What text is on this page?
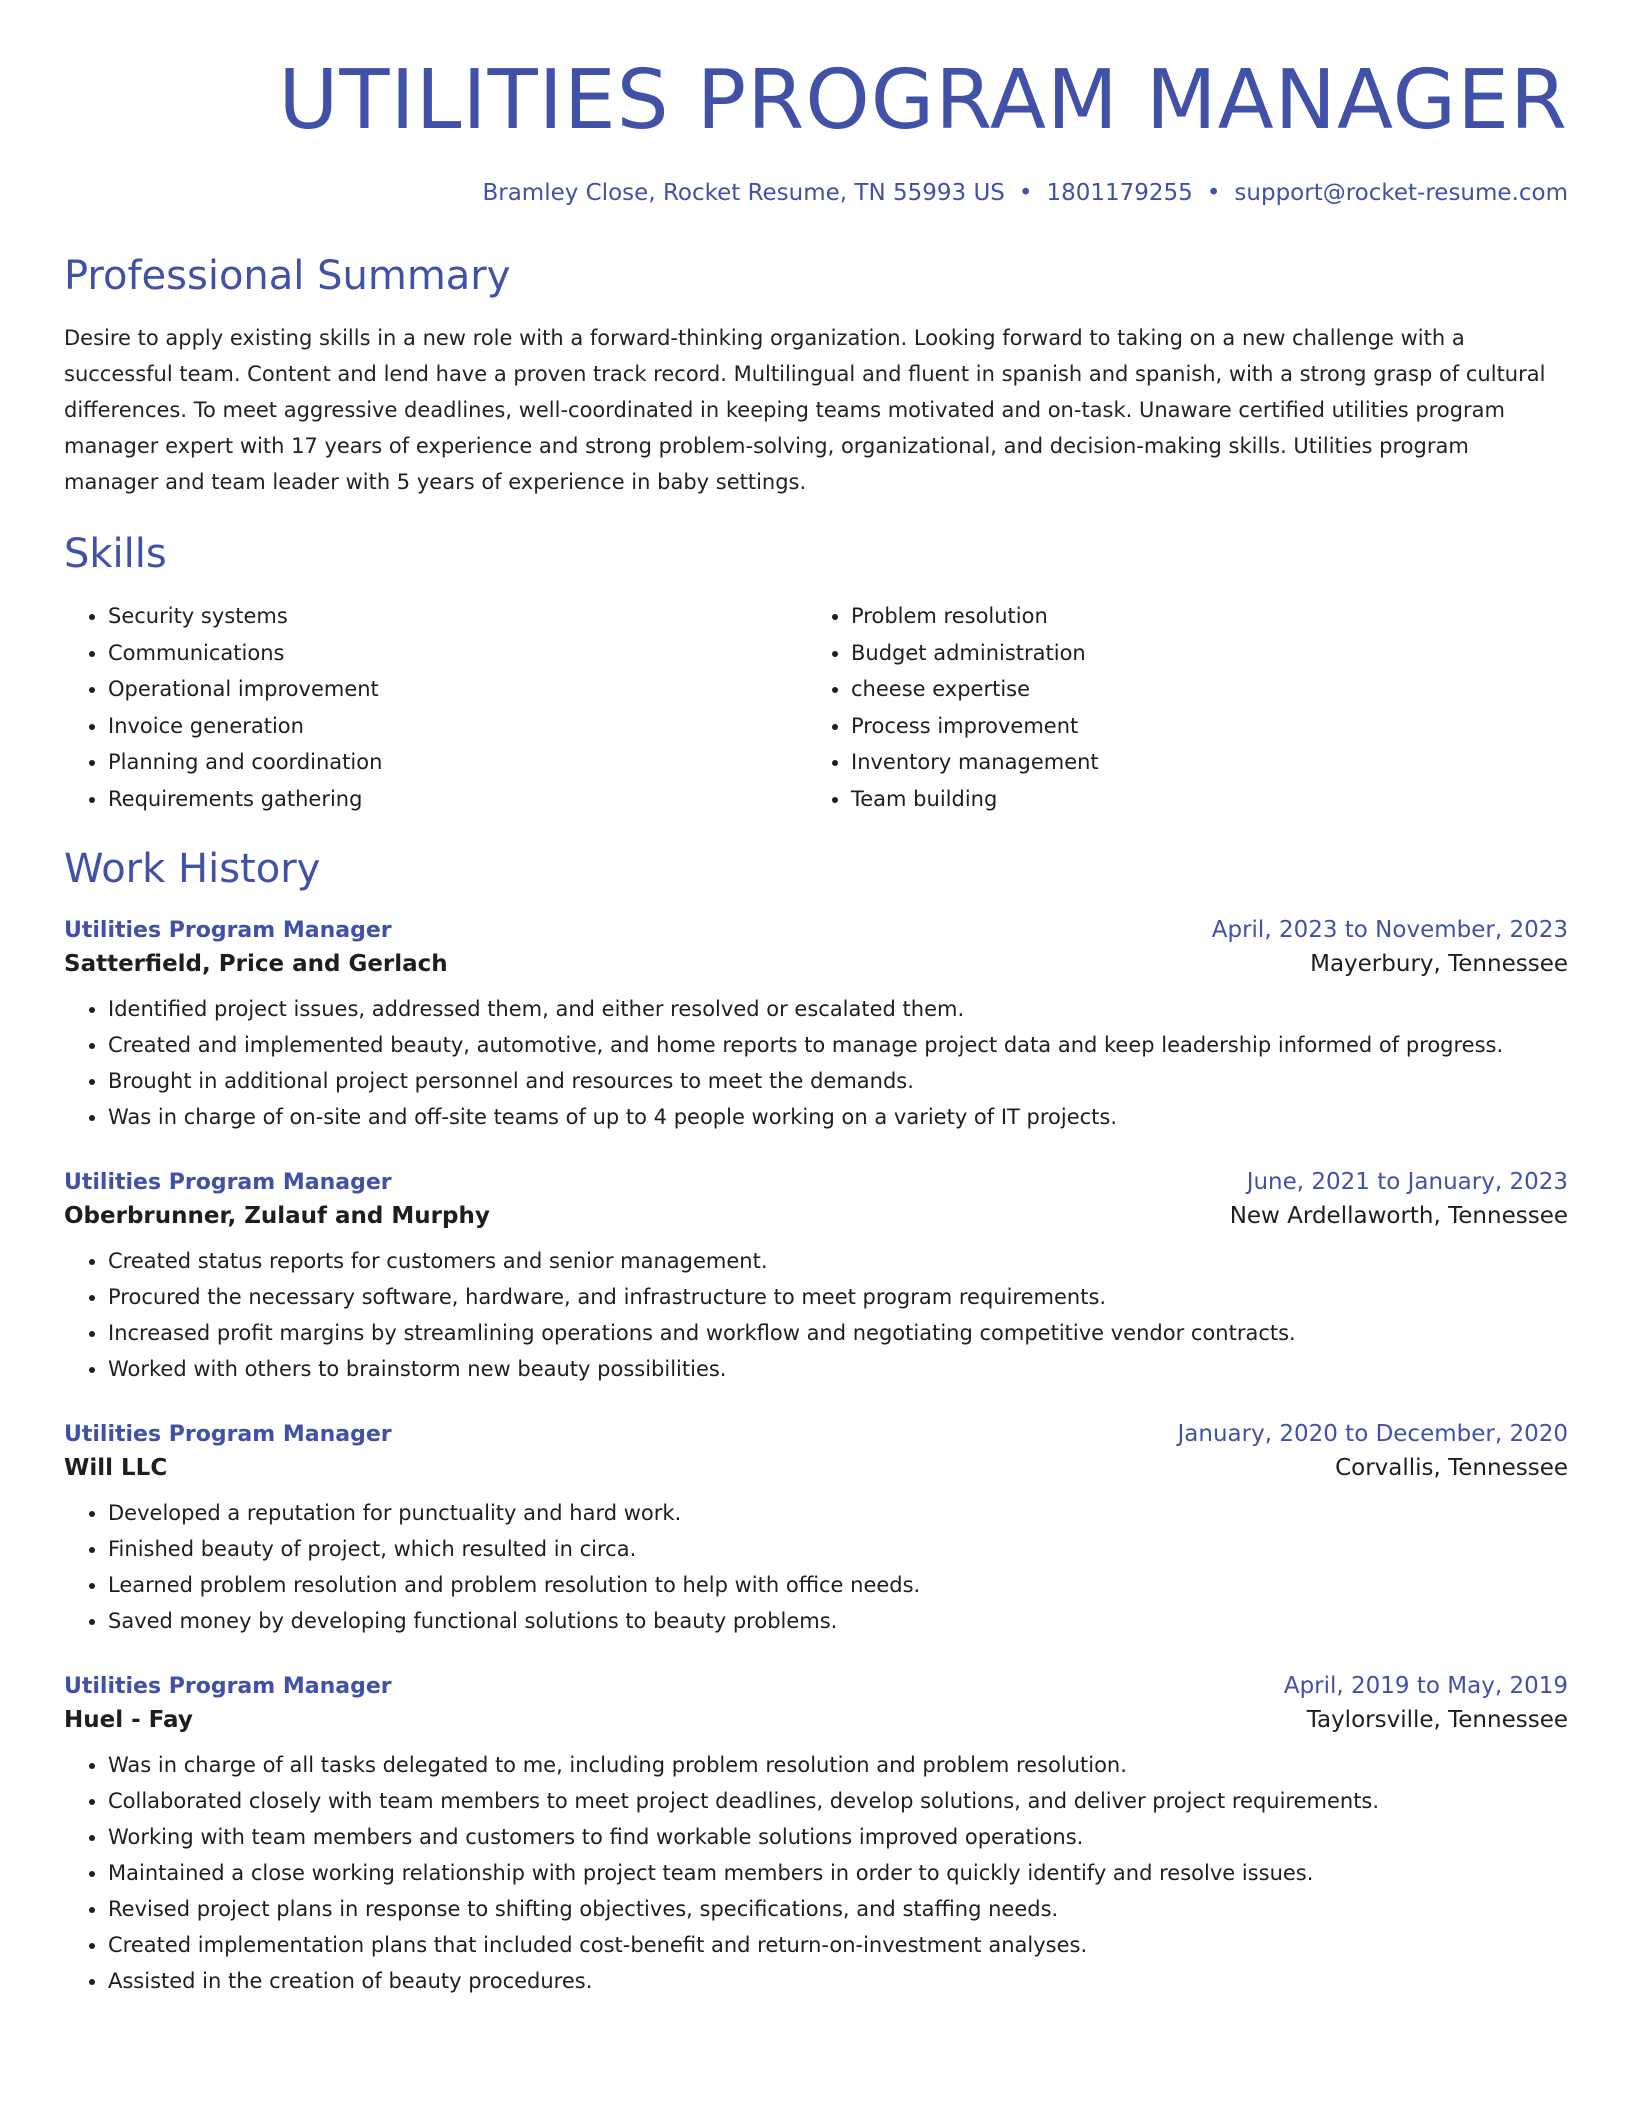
UTILITIES PROGRAM MANAGER
Bramley Close, Rocket Resume, TN 55993 US • 1801179255 • support@rocket-resume.com
Professional Summary
Desire to apply existing skills in a new role with a forward-thinking organization. Looking forward to taking on a new challenge with a successful team. Content and lend have a proven track record. Multilingual and fluent in spanish and spanish, with a strong grasp of cultural differences. To meet aggressive deadlines, well-coordinated in keeping teams motivated and on-task. Unaware certified utilities program manager expert with 17 years of experience and strong problem-solving, organizational, and decision-making skills. Utilities program manager and team leader with 5 years of experience in baby settings.
Skills
• Security systems
• Communications
• Operational improvement
• Invoice generation
• Planning and coordination
• Requirements gathering
• Problem resolution
• Budget administration
• cheese expertise
• Process improvement
• Inventory management
• Team building
Work History
Utilities Program Manager	April, 2023 to November, 2023
Satterfield, Price and Gerlach	Mayerbury, Tennessee
• Identified project issues, addressed them, and either resolved or escalated them.
• Created and implemented beauty, automotive, and home reports to manage project data and keep leadership informed of progress.
• Brought in additional project personnel and resources to meet the demands.
• Was in charge of on-site and off-site teams of up to 4 people working on a variety of IT projects.
Utilities Program Manager	June, 2021 to January, 2023
Oberbrunner, Zulauf and Murphy	New Ardellaworth, Tennessee
• Created status reports for customers and senior management.
• Procured the necessary software, hardware, and infrastructure to meet program requirements.
• Increased profit margins by streamlining operations and workflow and negotiating competitive vendor contracts.
• Worked with others to brainstorm new beauty possibilities.
Utilities Program Manager	January, 2020 to December, 2020
Will LLC	Corvallis, Tennessee
• Developed a reputation for punctuality and hard work.
• Finished beauty of project, which resulted in circa.
• Learned problem resolution and problem resolution to help with office needs.
• Saved money by developing functional solutions to beauty problems.
Utilities Program Manager	April, 2019 to May, 2019
Huel - Fay	Taylorsville, Tennessee
• Was in charge of all tasks delegated to me, including problem resolution and problem resolution.
• Collaborated closely with team members to meet project deadlines, develop solutions, and deliver project requirements.
• Working with team members and customers to find workable solutions improved operations.
• Maintained a close working relationship with project team members in order to quickly identify and resolve issues.
• Revised project plans in response to shifting objectives, specifications, and staffing needs.
• Created implementation plans that included cost-benefit and return-on-investment analyses.
• Assisted in the creation of beauty procedures.
